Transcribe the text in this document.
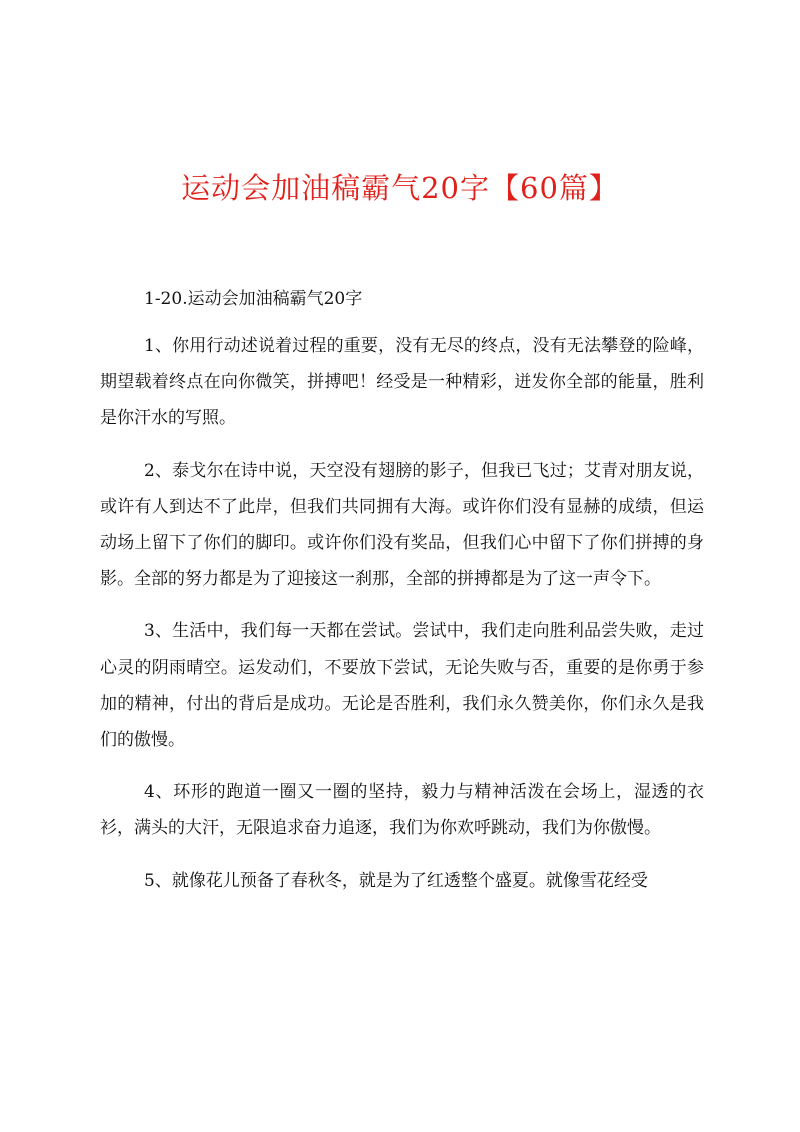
运动会加油稿霸气20字【60篇】

1-20.运动会加油稿霸气20字

1、你用行动述说着过程的重要，没有无尽的终点，没有无法攀登的险峰，期望载着终点在向你微笑，拼搏吧！经受是一种精彩，迸发你全部的能量，胜利是你汗水的写照。

2、泰戈尔在诗中说，天空没有翅膀的影子，但我已飞过；艾青对朋友说，或许有人到达不了此岸，但我们共同拥有大海。或许你们没有显赫的成绩，但运动场上留下了你们的脚印。或许你们没有奖品，但我们心中留下了你们拼搏的身影。全部的努力都是为了迎接这一刹那，全部的拼搏都是为了这一声令下。

3、生活中，我们每一天都在尝试。尝试中，我们走向胜利品尝失败，走过心灵的阴雨晴空。运发动们，不要放下尝试，无论失败与否，重要的是你勇于参加的精神，付出的背后是成功。无论是否胜利，我们永久赞美你，你们永久是我们的傲慢。

4、环形的跑道一圈又一圈的坚持，毅力与精神活泼在会场上，湿透的衣衫，满头的大汗，无限追求奋力追逐，我们为你欢呼跳动，我们为你傲慢。

5、就像花儿预备了春秋冬，就是为了红透整个盛夏。就像雪花经受
